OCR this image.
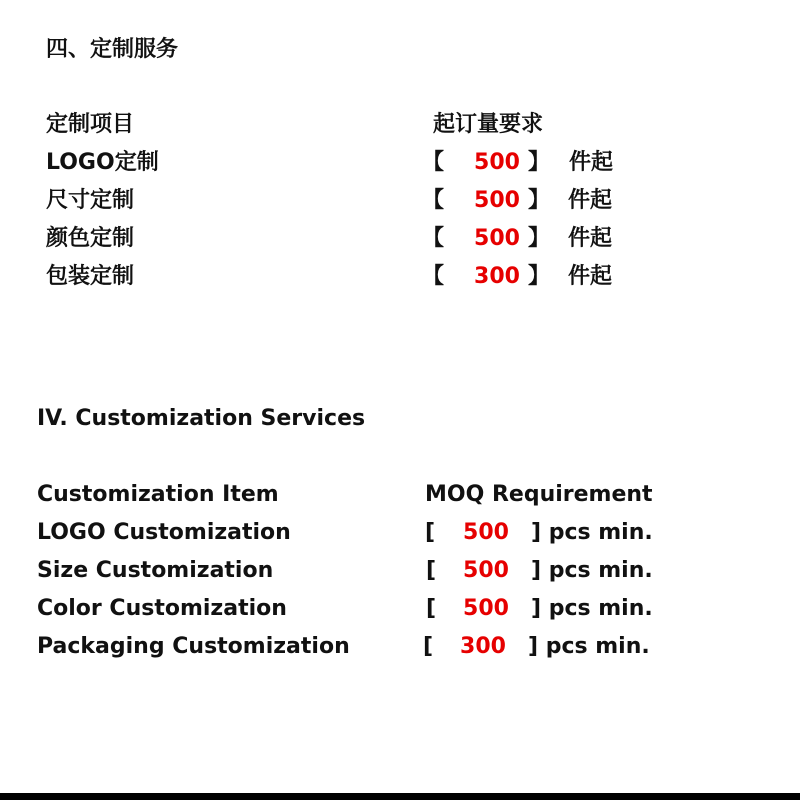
四、定制服务
定制项目	起订量要求
LOGO定制	【	500 】 件起
尺寸定制	【	500 】 件起
颜色定制	【	500 】 件起
包装定制	【	300 】 件起
IV. Customization Services
Customization Item	MOQ Requirement
LOGO Customization	[	500	] pcs min.
Size Customization	[	500	] pcs min.
Color Customization	[	500	] pcs min.
Packaging Customization	[	300	] pcs min.
